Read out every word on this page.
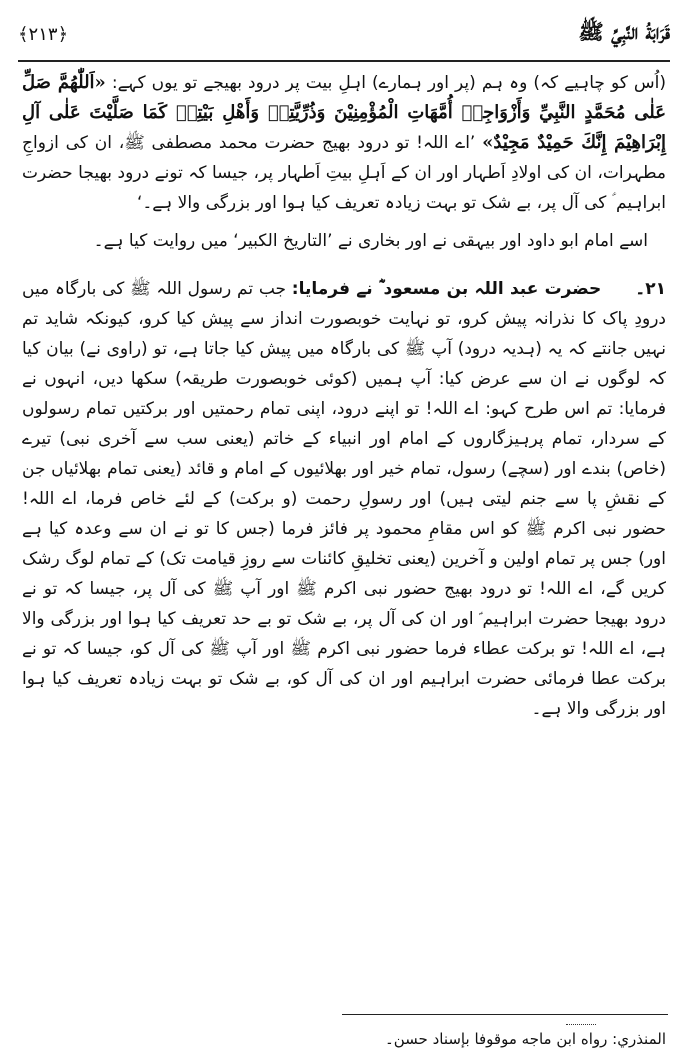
﴿۲۱۳﴾	قَرَابَةُ النَّبِيِّ ﷺ

(اُس کو چاہیے کہ) وہ ہم (پر اور ہمارے) اہلِ بیت پر درود بھیجے تو یوں کہے: «اَللّٰهُمَّ صَلِّ عَلٰى مُحَمَّدٍ النَّبِيِّ وَأَزْوَاجِهٖ أُمَّهَاتِ الْمُؤْمِنِيْنَ وَذُرِّيَّتِهٖ وَأَهْلِ بَيْتِهٖ كَمَا صَلَّيْتَ عَلٰى آلِ إِبْرَاهِيْمَ إِنَّكَ حَمِيْدٌ مَجِيْدٌ» ’اے اللہ! تو درود بھیج حضرت محمد مصطفی ﷺ، ان کی ازواجِ مطہرات، ان کی اولادِ اَطہار اور ان کے اَہلِ بیتِ اَطہار پر، جیسا کہ تونے درود بھیجا حضرت ابراہیم ؑ کی آل پر، بے شک تو بہت زیادہ تعریف کیا ہوا اور بزرگی والا ہے۔‘

اسے امام ابو داود اور بیہقی نے اور بخاری نے ’التاریخ الکبیر‘ میں روایت کیا ہے۔

۲۱۔حضرت عبد اللہ بن مسعود ؓ نے فرمایا: جب تم رسول اللہ ﷺ کی بارگاہ میں درودِ پاک کا نذرانہ پیش کرو، تو نہایت خوبصورت انداز سے پیش کیا کرو، کیونکہ شاید تم نہیں جانتے کہ یہ (ہدیہ درود) آپ ﷺ کی بارگاہ میں پیش کیا جاتا ہے، تو (راوی نے) بیان کیا کہ لوگوں نے ان سے عرض کیا: آپ ہمیں (کوئی خوبصورت طریقہ) سکھا دیں، انہوں نے فرمایا: تم اس طرح کہو: اے اللہ! تو اپنے درود، اپنی تمام رحمتیں اور برکتیں تمام رسولوں کے سردار، تمام پرہیزگاروں کے امام اور انبیاء کے خاتم (یعنی سب سے آخری نبی) تیرے (خاص) بندے اور (سچے) رسول، تمام خیر اور بھلائیوں کے امام و قائد (یعنی تمام بھلائیاں جن کے نقشِ پا سے جنم لیتی ہیں) اور رسولِ رحمت (و برکت) کے لئے خاص فرما، اے اللہ! حضور نبی اکرم ﷺ کو اس مقامِ محمود پر فائز فرما (جس کا تو نے ان سے وعدہ کیا ہے اور) جس پر تمام اولین و آخرین (یعنی تخلیقِ کائنات سے روزِ قیامت تک) کے تمام لوگ رشک کریں گے، اے اللہ! تو درود بھیج حضور نبی اکرم ﷺ اور آپ ﷺ کی آل پر، جیسا کہ تو نے درود بھیجا حضرت ابراہیم ؑ اور ان کی آل پر، بے شک تو بے حد تعریف کیا ہوا اور بزرگی والا ہے، اے اللہ! تو برکت عطاء فرما حضور نبی اکرم ﷺ اور آپ ﷺ کی آل کو، جیسا کہ تو نے برکت عطا فرمائی حضرت ابراہیم اور ان کی آل کو، بے شک تو بہت زیادہ تعریف کیا ہوا اور بزرگی والا ہے۔

المنذري: رواه ابن ماجه موقوفا بإسناد حسن۔
